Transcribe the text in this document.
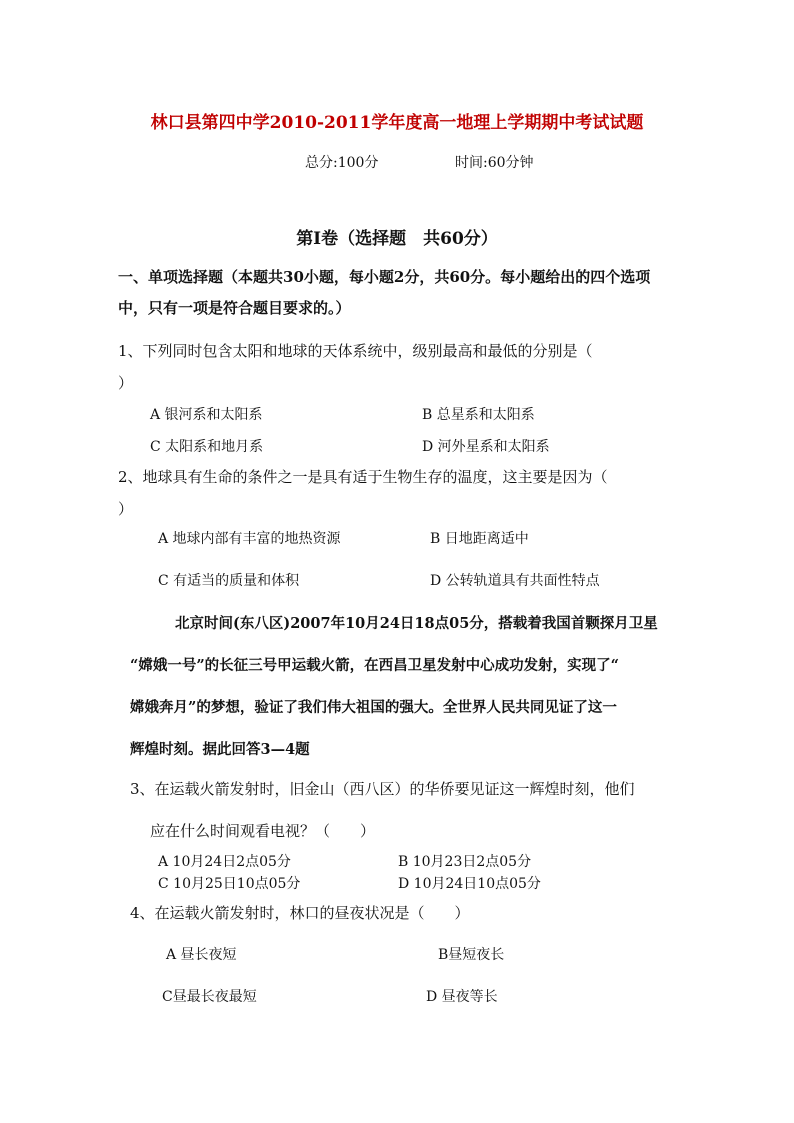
林口县第四中学2010-2011学年度高一地理上学期期中考试试题
总分:100分	时间:60分钟
第I卷（选择题　共60分）
一、单项选择题（本题共30小题，每小题2分，共60分。每小题给出的四个选项
中，只有一项是符合题目要求的。）
1、下列同时包含太阳和地球的天体系统中，级别最高和最低的分别是（
）
A 银河系和太阳系	B 总星系和太阳系
C 太阳系和地月系	D 河外星系和太阳系
2、地球具有生命的条件之一是具有适于生物生存的温度，这主要是因为（
）
A 地球内部有丰富的地热资源	B 日地距离适中
C 有适当的质量和体积	D 公转轨道具有共面性特点
北京时间(东八区)2007年10月24日18点05分，搭载着我国首颗探月卫星
“嫦娥一号”的长征三号甲运载火箭，在西昌卫星发射中心成功发射，实现了“
嫦娥奔月”的梦想，验证了我们伟大祖国的强大。全世界人民共同见证了这一
辉煌时刻。据此回答3—4题
3、在运载火箭发射时，旧金山（西八区）的华侨要见证这一辉煌时刻，他们
应在什么时间观看电视？（　　）
A 10月24日2点05分	B 10月23日2点05分
C 10月25日10点05分	D 10月24日10点05分
4、在运载火箭发射时，林口的昼夜状况是（　　）
A 昼长夜短	B昼短夜长
C昼最长夜最短	D 昼夜等长
